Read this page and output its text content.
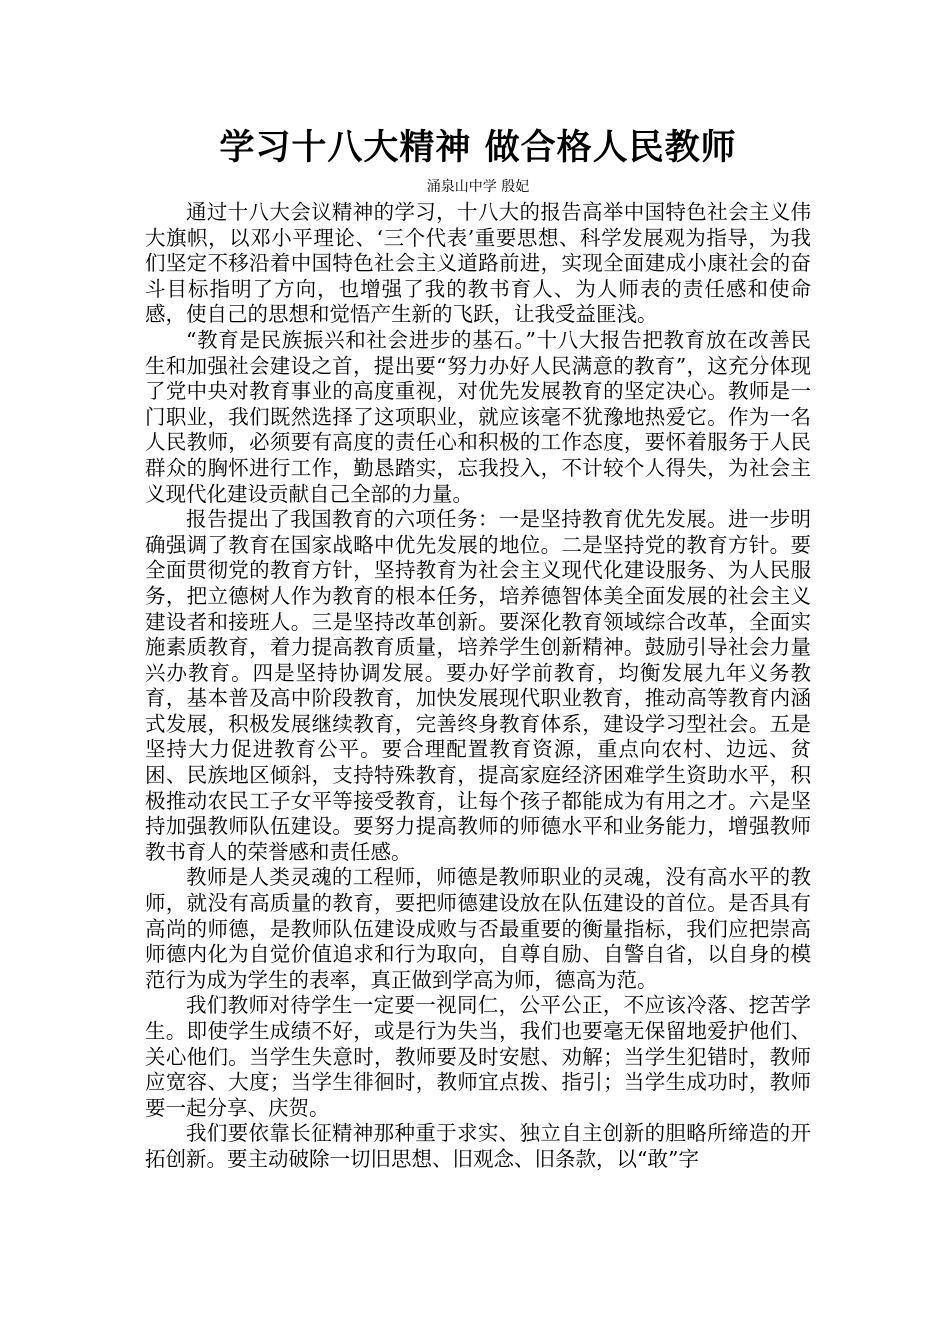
学习十八大精神 做合格人民教师
涌泉山中学 殷妃

通过十八大会议精神的学习，十八大的报告高举中国特色社会主义伟大旗帜，以邓小平理论、‘三个代表’重要思想、科学发展观为指导，为我们坚定不移沿着中国特色社会主义道路前进，实现全面建成小康社会的奋斗目标指明了方向，也增强了我的教书育人、为人师表的责任感和使命感，使自己的思想和觉悟产生新的飞跃，让我受益匪浅。

“教育是民族振兴和社会进步的基石。”十八大报告把教育放在改善民生和加强社会建设之首，提出要“努力办好人民满意的教育”，这充分体现了党中央对教育事业的高度重视，对优先发展教育的坚定决心。教师是一门职业，我们既然选择了这项职业，就应该毫不犹豫地热爱它。作为一名人民教师，必须要有高度的责任心和积极的工作态度，要怀着服务于人民群众的胸怀进行工作，勤恳踏实，忘我投入，不计较个人得失，为社会主义现代化建设贡献自己全部的力量。

报告提出了我国教育的六项任务：一是坚持教育优先发展。进一步明确强调了教育在国家战略中优先发展的地位。二是坚持党的教育方针。要全面贯彻党的教育方针，坚持教育为社会主义现代化建设服务、为人民服务，把立德树人作为教育的根本任务，培养德智体美全面发展的社会主义建设者和接班人。三是坚持改革创新。要深化教育领域综合改革，全面实施素质教育，着力提高教育质量，培养学生创新精神。鼓励引导社会力量兴办教育。四是坚持协调发展。要办好学前教育，均衡发展九年义务教育，基本普及高中阶段教育，加快发展现代职业教育，推动高等教育内涵式发展，积极发展继续教育，完善终身教育体系，建设学习型社会。五是坚持大力促进教育公平。要合理配置教育资源，重点向农村、边远、贫困、民族地区倾斜，支持特殊教育，提高家庭经济困难学生资助水平，积极推动农民工子女平等接受教育，让每个孩子都能成为有用之才。六是坚持加强教师队伍建设。要努力提高教师的师德水平和业务能力，增强教师教书育人的荣誉感和责任感。

教师是人类灵魂的工程师，师德是教师职业的灵魂，没有高水平的教师，就没有高质量的教育，要把师德建设放在队伍建设的首位。是否具有高尚的师德，是教师队伍建设成败与否最重要的衡量指标，我们应把崇高师德内化为自觉价值追求和行为取向，自尊自励、自警自省，以自身的模范行为成为学生的表率，真正做到学高为师，德高为范。

我们教师对待学生一定要一视同仁，公平公正，不应该冷落、挖苦学生。即使学生成绩不好，或是行为失当，我们也要毫无保留地爱护他们、关心他们。当学生失意时，教师要及时安慰、劝解；当学生犯错时，教师应宽容、大度；当学生徘徊时，教师宜点拨、指引；当学生成功时，教师要一起分享、庆贺。

我们要依靠长征精神那种重于求实、独立自主创新的胆略所缔造的开拓创新。要主动破除一切旧思想、旧观念、旧条款，以“敢”字
